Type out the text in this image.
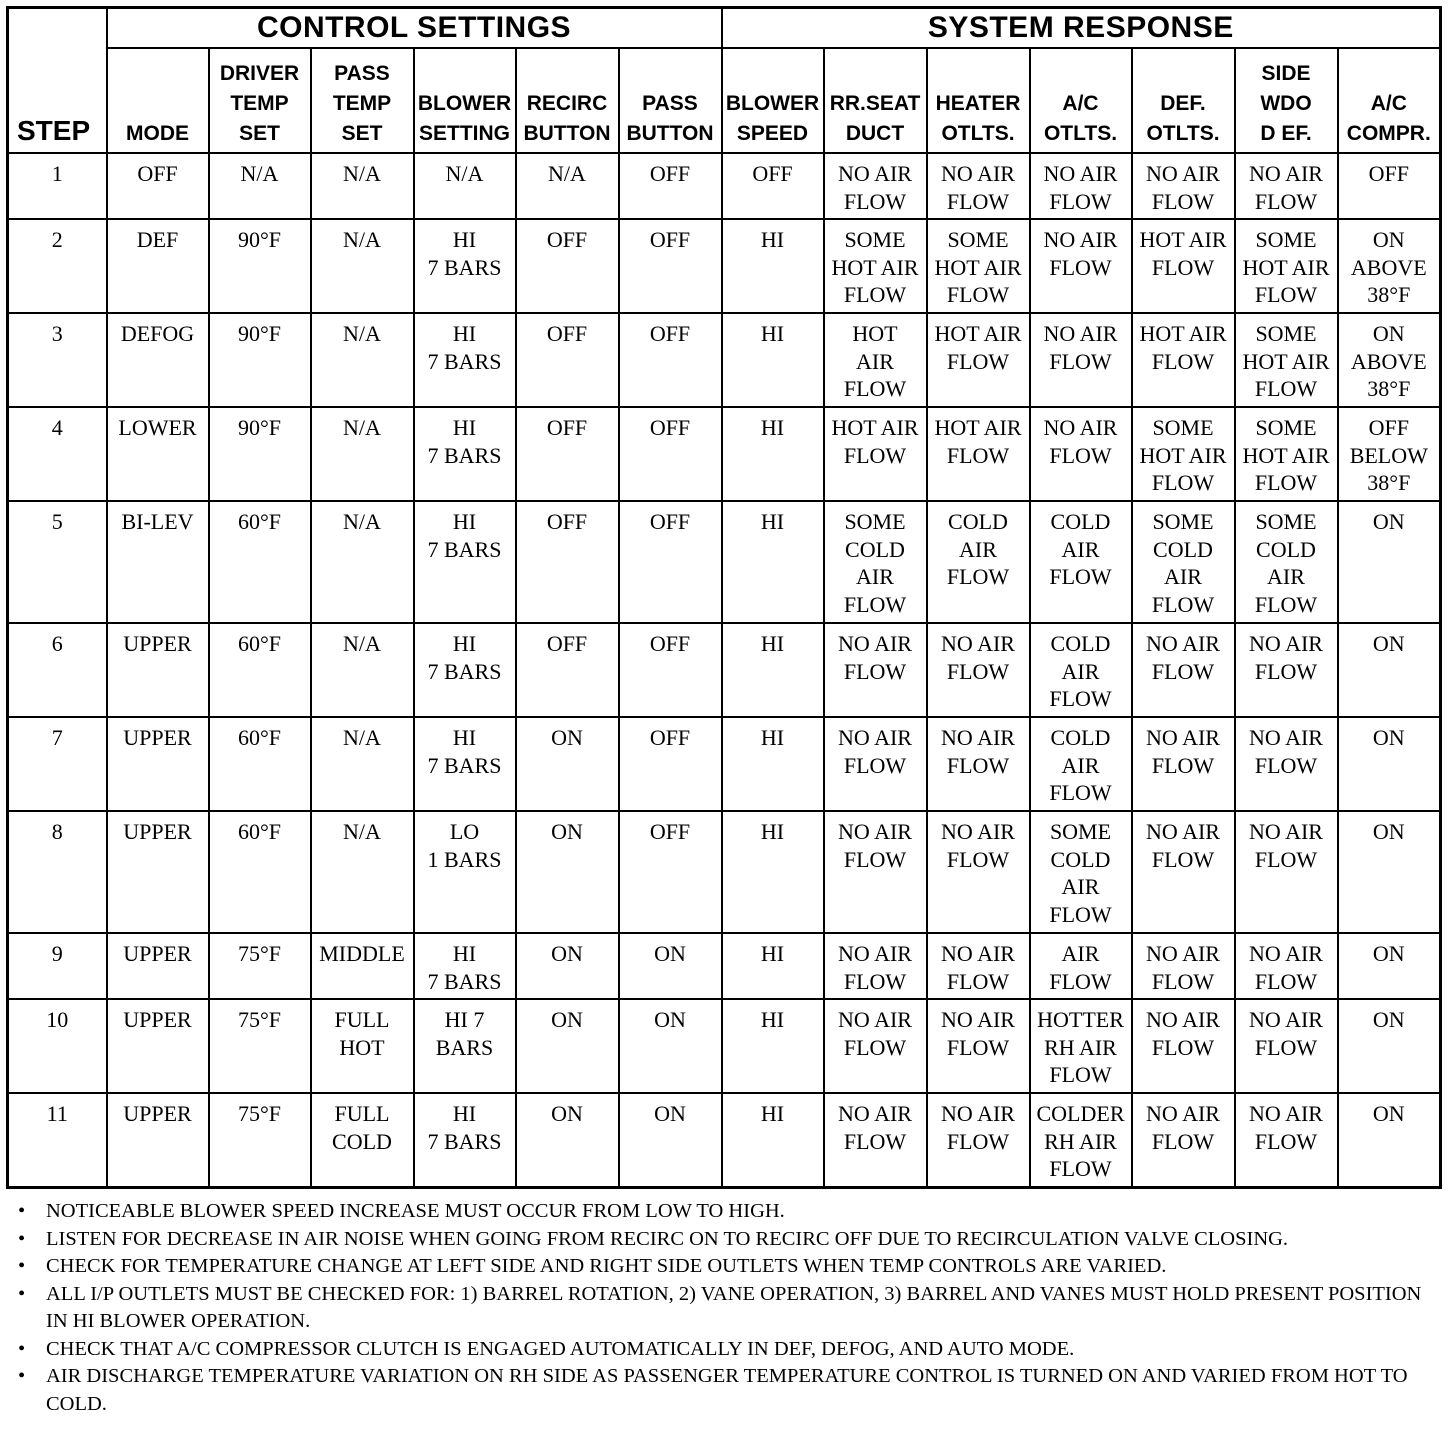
STEP	CONTROL SETTINGS						SYSTEM RESPONSE						
	MODE	DRIVER
TEMP
SET	PASS
TEMP
SET	BLOWER
SETTING	RECIRC
BUTTON	PASS
BUTTON	BLOWER
SPEED	RR.SEAT
DUCT	HEATER
OTLTS.	A/C
OTLTS.	DEF.
OTLTS.	SIDE
WDO
D EF.	A/C
COMPR.
1	OFF	N/A	N/A	N/A	N/A	OFF	OFF	NO AIR
FLOW	NO AIR
FLOW	NO AIR
FLOW	NO AIR
FLOW	NO AIR
FLOW	OFF
2	DEF	90°F	N/A	HI
7 BARS	OFF	OFF	HI	SOME
HOT AIR
FLOW	SOME
HOT AIR
FLOW	NO AIR
FLOW	HOT AIR
FLOW	SOME
HOT AIR
FLOW	ON
ABOVE
38°F
3	DEFOG	90°F	N/A	HI
7 BARS	OFF	OFF	HI	HOT
AIR
FLOW	HOT AIR
FLOW	NO AIR
FLOW	HOT AIR
FLOW	SOME
HOT AIR
FLOW	ON
ABOVE
38°F
4	LOWER	90°F	N/A	HI
7 BARS	OFF	OFF	HI	HOT AIR
FLOW	HOT AIR
FLOW	NO AIR
FLOW	SOME
HOT AIR
FLOW	SOME
HOT AIR
FLOW	OFF
BELOW
38°F
5	BI-LEV	60°F	N/A	HI
7 BARS	OFF	OFF	HI	SOME
COLD
AIR
FLOW	COLD
AIR
FLOW	COLD
AIR
FLOW	SOME
COLD
AIR
FLOW	SOME
COLD
AIR
FLOW	ON
6	UPPER	60°F	N/A	HI
7 BARS	OFF	OFF	HI	NO AIR
FLOW	NO AIR
FLOW	COLD
AIR
FLOW	NO AIR
FLOW	NO AIR
FLOW	ON
7	UPPER	60°F	N/A	HI
7 BARS	ON	OFF	HI	NO AIR
FLOW	NO AIR
FLOW	COLD
AIR
FLOW	NO AIR
FLOW	NO AIR
FLOW	ON
8	UPPER	60°F	N/A	LO
1 BARS	ON	OFF	HI	NO AIR
FLOW	NO AIR
FLOW	SOME
COLD
AIR
FLOW	NO AIR
FLOW	NO AIR
FLOW	ON
9	UPPER	75°F	MIDDLE	HI
7 BARS	ON	ON	HI	NO AIR
FLOW	NO AIR
FLOW	AIR
FLOW	NO AIR
FLOW	NO AIR
FLOW	ON
10	UPPER	75°F	FULL
HOT	HI 7
BARS	ON	ON	HI	NO AIR
FLOW	NO AIR
FLOW	HOTTER
RH AIR
FLOW	NO AIR
FLOW	NO AIR
FLOW	ON
11	UPPER	75°F	FULL
COLD	HI
7 BARS	ON	ON	HI	NO AIR
FLOW	NO AIR
FLOW	COLDER
RH AIR
FLOW	NO AIR
FLOW	NO AIR
FLOW	ON
• NOTICEABLE BLOWER SPEED INCREASE MUST OCCUR FROM LOW TO HIGH.
• LISTEN FOR DECREASE IN AIR NOISE WHEN GOING FROM RECIRC ON TO RECIRC OFF DUE TO RECIRCULATION VALVE CLOSING.
• CHECK FOR TEMPERATURE CHANGE AT LEFT SIDE AND RIGHT SIDE OUTLETS WHEN TEMP CONTROLS ARE VARIED.
• ALL I/P OUTLETS MUST BE CHECKED FOR: 1) BARREL ROTATION, 2) VANE OPERATION, 3) BARREL AND VANES MUST HOLD PRESENT POSITION IN HI BLOWER OPERATION.
• CHECK THAT A/C COMPRESSOR CLUTCH IS ENGAGED AUTOMATICALLY IN DEF, DEFOG, AND AUTO MODE.
• AIR DISCHARGE TEMPERATURE VARIATION ON RH SIDE AS PASSENGER TEMPERATURE CONTROL IS TURNED ON AND VARIED FROM HOT TO COLD.
